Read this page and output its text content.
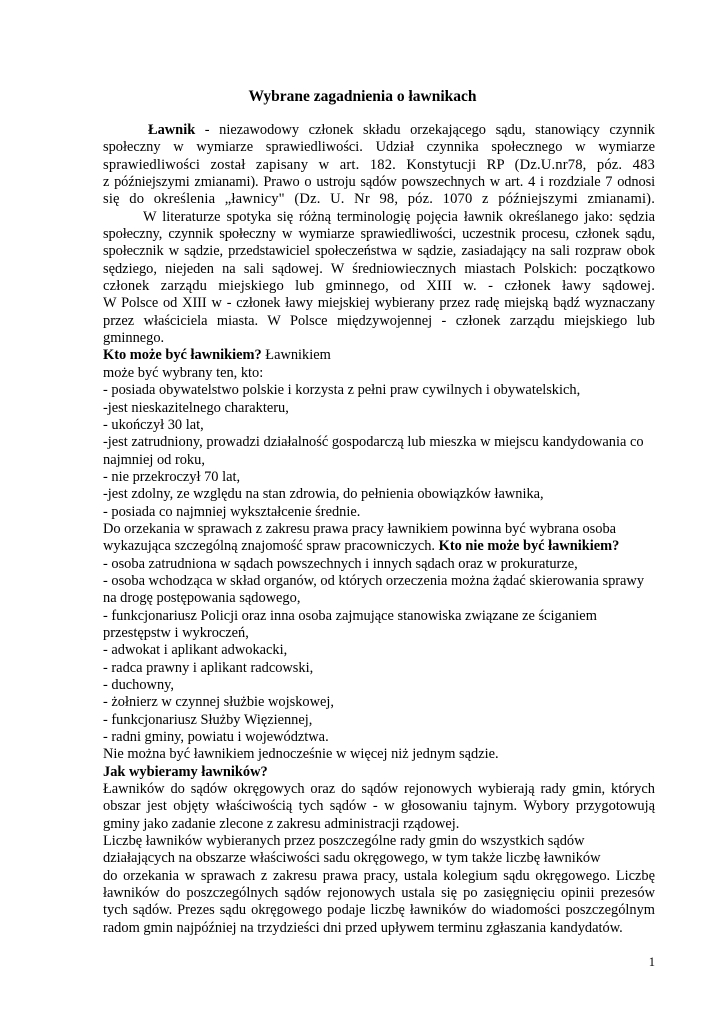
Wybrane zagadnienia o ławnikach

Ławnik - niezawodowy członek składu orzekającego sądu, stanowiący czynnik

społeczny w wymiarze sprawiedliwości. Udział czynnika społecznego w wymiarze

sprawiedliwości został zapisany w art. 182. Konstytucji RP (Dz.U.nr78, póz. 483

z późniejszymi zmianami). Prawo o ustroju sądów powszechnych w art. 4 i rozdziale 7 odnosi

się do określenia „ławnicy" (Dz. U. Nr 98, póz. 1070 z późniejszymi zmianami).

W literaturze spotyka się różną terminologię pojęcia ławnik określanego jako: sędzia

społeczny, czynnik społeczny w wymiarze sprawiedliwości, uczestnik procesu, członek sądu,

społecznik w sądzie, przedstawiciel społeczeństwa w sądzie, zasiadający na sali rozpraw obok

sędziego, niejeden na sali sądowej. W średniowiecznych miastach Polskich: początkowo

członek zarządu miejskiego lub gminnego, od XIII w. - członek ławy sądowej.

W Polsce od XIII w - członek ławy miejskiej wybierany przez radę miejską bądź wyznaczany

przez właściciela miasta. W Polsce międzywojennej - członek zarządu miejskiego lub

gminnego.

Kto może być ławnikiem? Ławnikiem

może być wybrany ten, kto:

- posiada obywatelstwo polskie i korzysta z pełni praw cywilnych i obywatelskich,

-jest nieskazitelnego charakteru,

- ukończył 30 lat,

-jest zatrudniony, prowadzi działalność gospodarczą lub mieszka w miejscu kandydowania co

najmniej od roku,

- nie przekroczył 70 lat,

-jest zdolny, ze względu na stan zdrowia, do pełnienia obowiązków ławnika,

- posiada co najmniej wykształcenie średnie.

Do orzekania w sprawach z zakresu prawa pracy ławnikiem powinna być wybrana osoba

wykazująca szczególną znajomość spraw pracowniczych. Kto nie może być ławnikiem?

- osoba zatrudniona w sądach powszechnych i innych sądach oraz w prokuraturze,

- osoba wchodząca w skład organów, od których orzeczenia można żądać skierowania sprawy

na drogę postępowania sądowego,

- funkcjonariusz Policji oraz inna osoba zajmujące stanowiska związane ze ściganiem

przestępstw i wykroczeń,

- adwokat i aplikant adwokacki,

- radca prawny i aplikant radcowski,

- duchowny,

- żołnierz w czynnej służbie wojskowej,

- funkcjonariusz Służby Więziennej,

- radni gminy, powiatu i województwa.

Nie można być ławnikiem jednocześnie w więcej niż jednym sądzie.

Jak wybieramy ławników?

Ławników do sądów okręgowych oraz do sądów rejonowych wybierają rady gmin, których

obszar jest objęty właściwością tych sądów - w głosowaniu tajnym. Wybory przygotowują

gminy jako zadanie zlecone z zakresu administracji rządowej.

Liczbę ławników wybieranych przez poszczególne rady gmin do wszystkich sądów

działających na obszarze właściwości sadu okręgowego, w tym także liczbę ławników

do orzekania w sprawach z zakresu prawa pracy, ustala kolegium sądu okręgowego. Liczbę

ławników do poszczególnych sądów rejonowych ustala się po zasięgnięciu opinii prezesów

tych sądów. Prezes sądu okręgowego podaje liczbę ławników do wiadomości poszczególnym

radom gmin najpóźniej na trzydzieści dni przed upływem terminu zgłaszania kandydatów.

1
